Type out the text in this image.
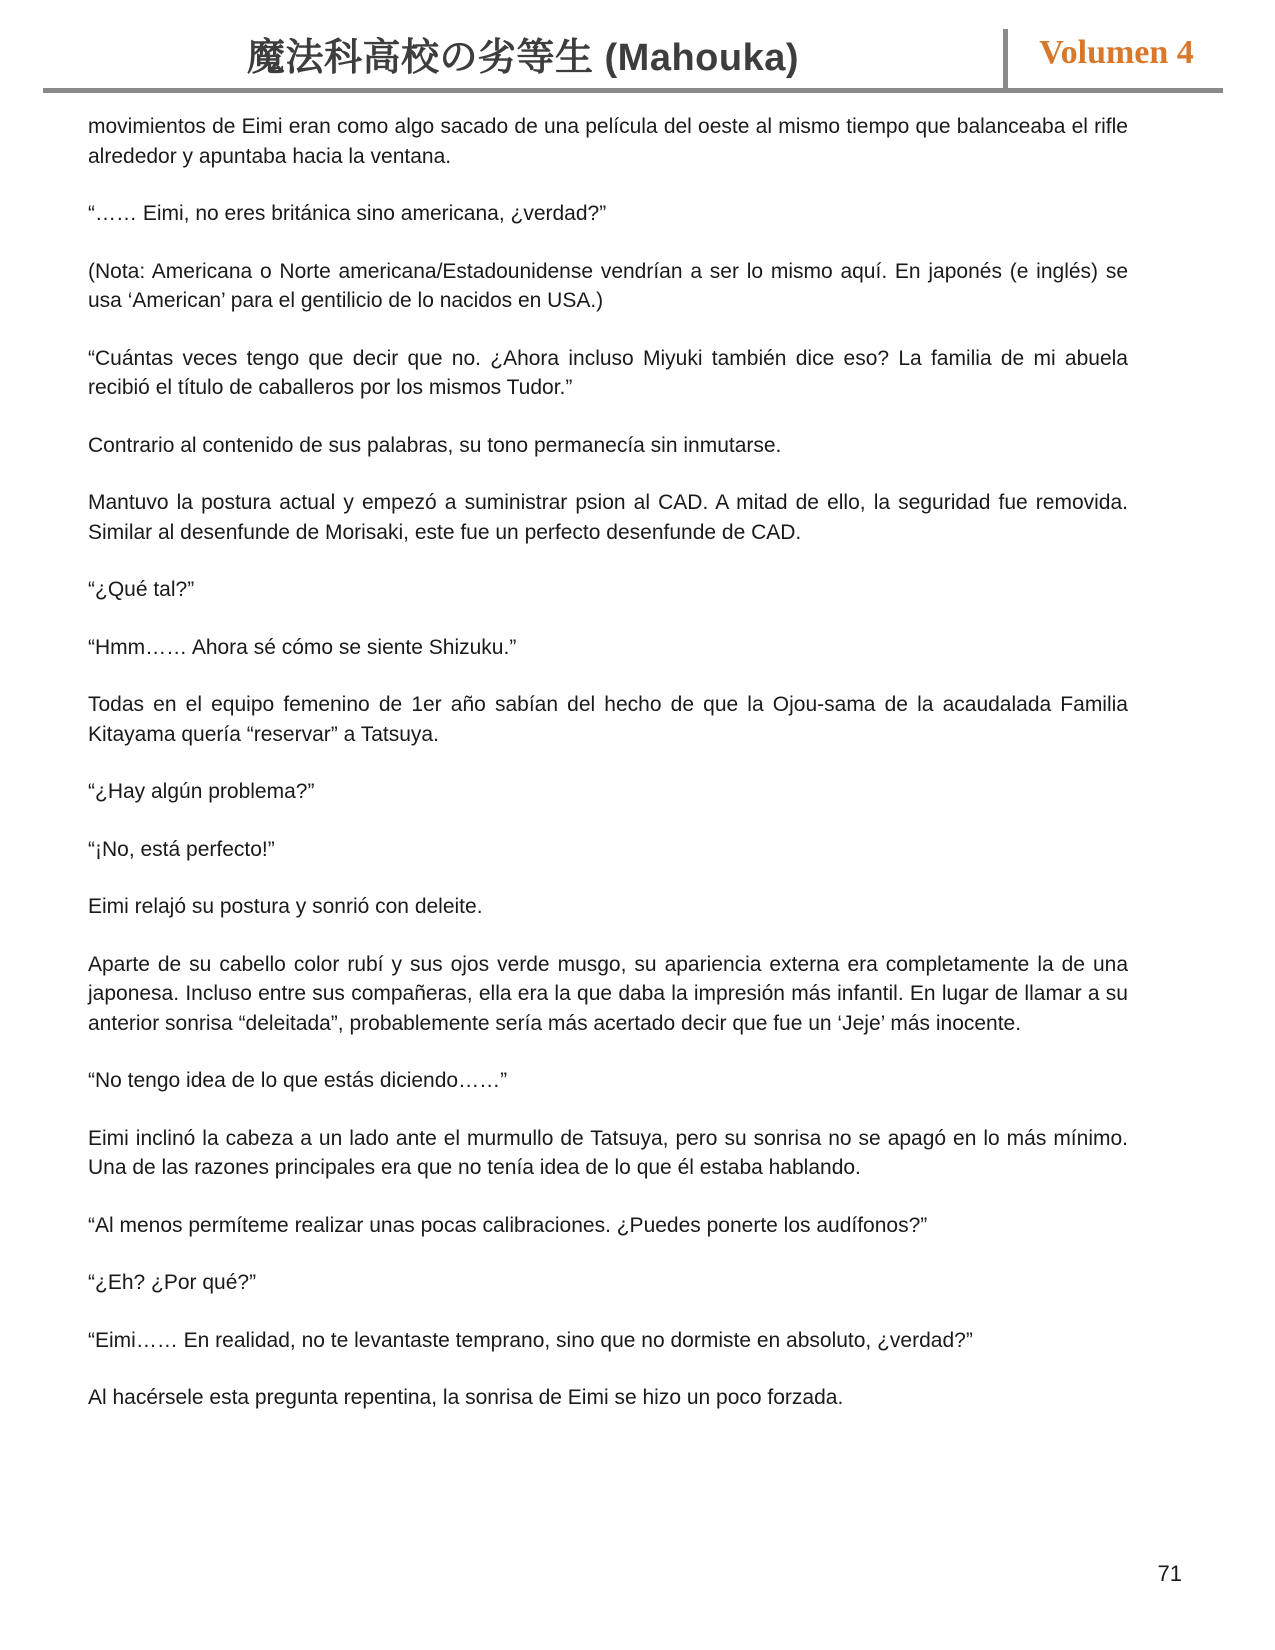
魔法科高校の劣等生 (Mahouka)	Volumen 4

movimientos de Eimi eran como algo sacado de una película del oeste al mismo tiempo que balanceaba el rifle alrededor y apuntaba hacia la ventana.

“…… Eimi, no eres británica sino americana, ¿verdad?”

(Nota: Americana o Norte americana/Estadounidense vendrían a ser lo mismo aquí. En japonés (e inglés) se usa ‘American’ para el gentilicio de lo nacidos en USA.)

“Cuántas veces tengo que decir que no. ¿Ahora incluso Miyuki también dice eso? La familia de mi abuela recibió el título de caballeros por los mismos Tudor.”

Contrario al contenido de sus palabras, su tono permanecía sin inmutarse.

Mantuvo la postura actual y empezó a suministrar psion al CAD. A mitad de ello, la seguridad fue removida. Similar al desenfunde de Morisaki, este fue un perfecto desenfunde de CAD.

“¿Qué tal?”

“Hmm…… Ahora sé cómo se siente Shizuku.”

Todas en el equipo femenino de 1er año sabían del hecho de que la Ojou-sama de la acaudalada Familia Kitayama quería “reservar” a Tatsuya.

“¿Hay algún problema?”

“¡No, está perfecto!”

Eimi relajó su postura y sonrió con deleite.

Aparte de su cabello color rubí y sus ojos verde musgo, su apariencia externa era completamente la de una japonesa. Incluso entre sus compañeras, ella era la que daba la impresión más infantil. En lugar de llamar a su anterior sonrisa “deleitada”, probablemente sería más acertado decir que fue un ‘Jeje’ más inocente.

“No tengo idea de lo que estás diciendo……”

Eimi inclinó la cabeza a un lado ante el murmullo de Tatsuya, pero su sonrisa no se apagó en lo más mínimo. Una de las razones principales era que no tenía idea de lo que él estaba hablando.

“Al menos permíteme realizar unas pocas calibraciones. ¿Puedes ponerte los audífonos?”

“¿Eh? ¿Por qué?”

“Eimi…… En realidad, no te levantaste temprano, sino que no dormiste en absoluto, ¿verdad?”

Al hacérsele esta pregunta repentina, la sonrisa de Eimi se hizo un poco forzada.

71
